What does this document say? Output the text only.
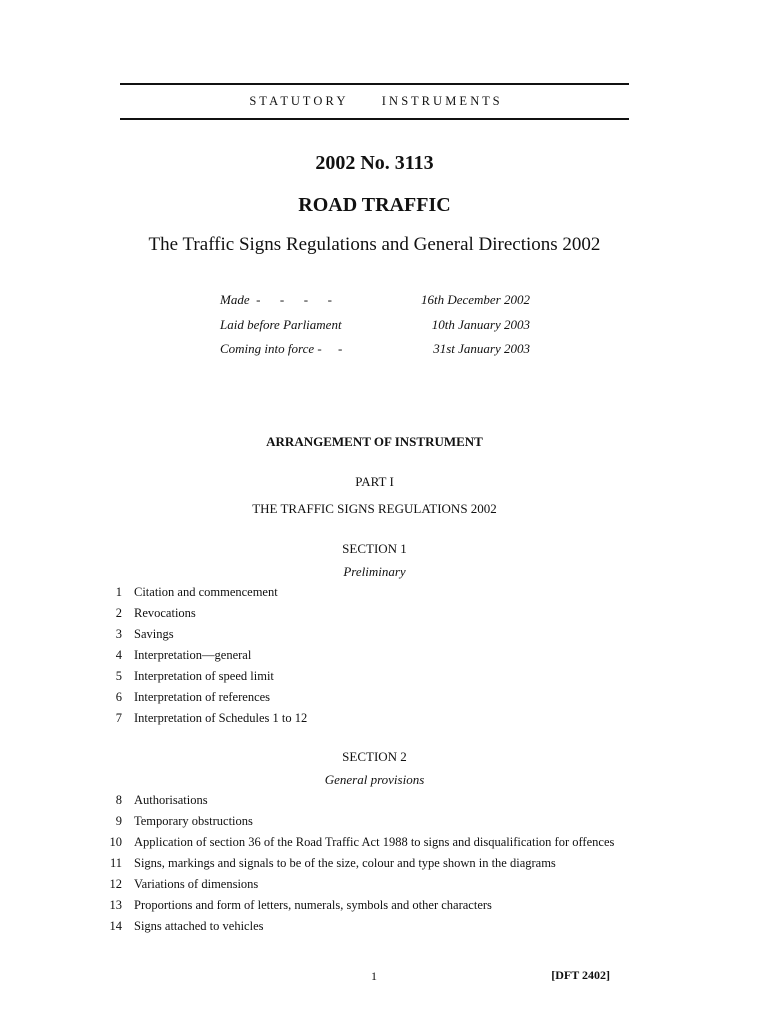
S T A T U T O R Y	I N S T R U M E N T S
2002 No. 3113
ROAD TRAFFIC
The Traffic Signs Regulations and General Directions 2002
Made  -      -      -      -	16th December 2002
Laid before Parliament	10th January 2003
Coming into force -     -	31st January 2003
ARRANGEMENT OF INSTRUMENT
PART I
THE TRAFFIC SIGNS REGULATIONS 2002
SECTION 1
Preliminary
1 Citation and commencement
2 Revocations
3 Savings
4 Interpretation—general
5 Interpretation of speed limit
6 Interpretation of references
7 Interpretation of Schedules 1 to 12
SECTION 2
General provisions
8 Authorisations
9 Temporary obstructions
10 Application of section 36 of the Road Traffic Act 1988 to signs and disqualification for offences
11 Signs, markings and signals to be of the size, colour and type shown in the diagrams
12 Variations of dimensions
13 Proportions and form of letters, numerals, symbols and other characters
14 Signs attached to vehicles
1	[DFT 2402]
